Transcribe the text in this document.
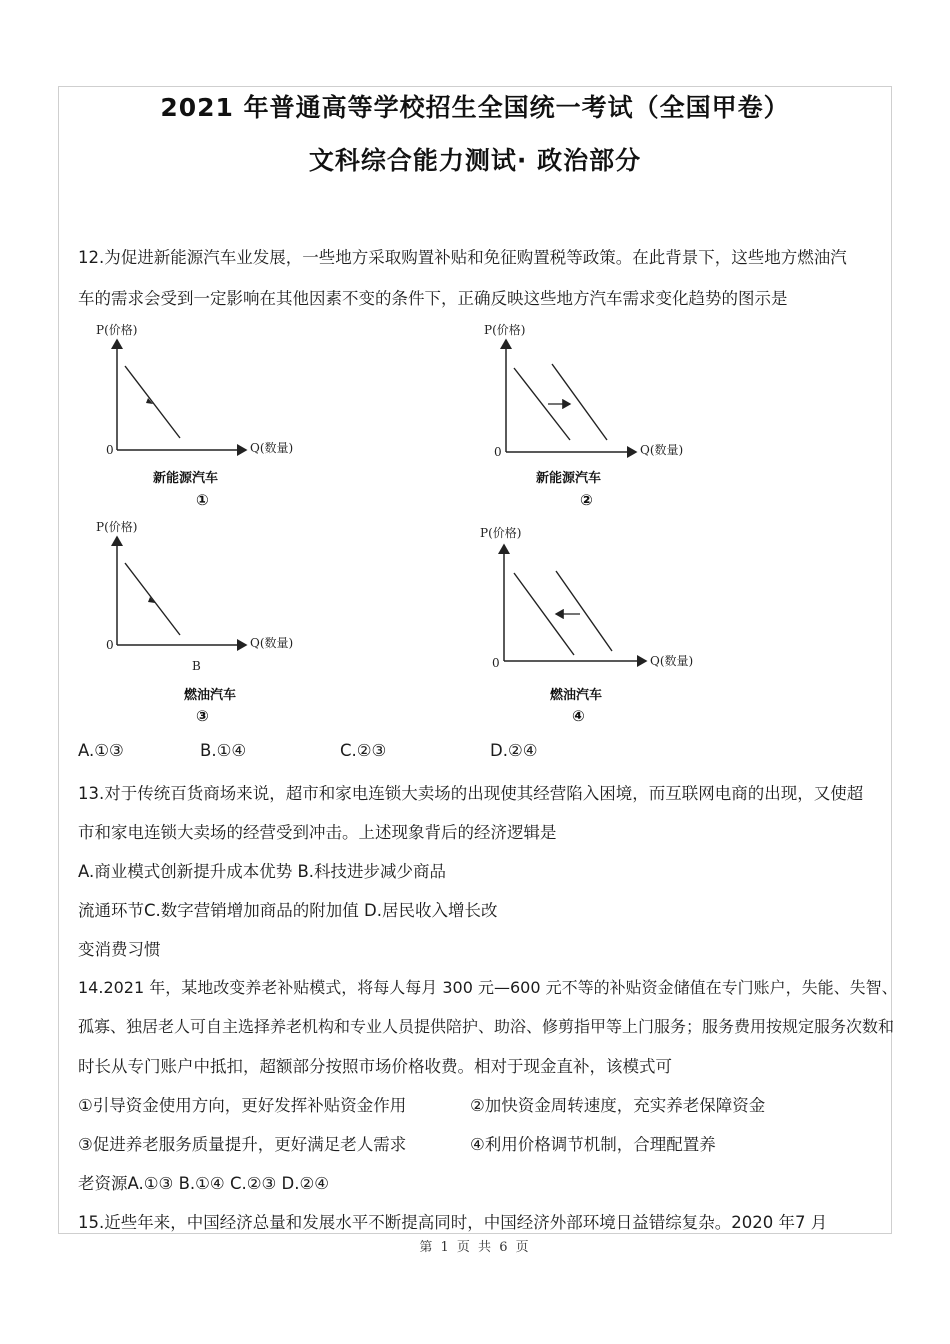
2021 年普通高等学校招生全国统一考试（全国甲卷）
文科综合能力测试· 政治部分
12.为促进新能源汽车业发展，一些地方采取购置补贴和免征购置税等政策。在此背景下，这些地方燃油汽
车的需求会受到一定影响在其他因素不变的条件下，正确反映这些地方汽车需求变化趋势的图示是
P(价格)
0	Q(数量)
新能源汽车
①
P(价格)
0	Q(数量)
新能源汽车
②
P(价格)
0	Q(数量)
B
燃油汽车
③
P(价格)
0	Q(数量)
燃油汽车
④
A.①③	B.①④	C.②③	D.②④
13.对于传统百货商场来说，超市和家电连锁大卖场的出现使其经营陷入困境，而互联网电商的出现，又使超
市和家电连锁大卖场的经营受到冲击。上述现象背后的经济逻辑是
A.商业模式创新提升成本优势 B.科技进步减少商品
流通环节C.数字营销增加商品的附加值 D.居民收入增长改
变消费习惯
14.2021 年，某地改变养老补贴模式，将每人每月 300 元—600 元不等的补贴资金储值在专门账户，失能、失智、
孤寡、独居老人可自主选择养老机构和专业人员提供陪护、助浴、修剪指甲等上门服务；服务费用按规定服务次数和
时长从专门账户中抵扣，超额部分按照市场价格收费。相对于现金直补，该模式可
①引导资金使用方向，更好发挥补贴资金作用	②加快资金周转速度，充实养老保障资金
③促进养老服务质量提升，更好满足老人需求	④利用价格调节机制，合理配置养
老资源A.①③ B.①④ C.②③ D.②④
15.近些年来，中国经济总量和发展水平不断提高同时，中国经济外部环境日益错综复杂。2020 年7 月
第 1 页 共 6 页
